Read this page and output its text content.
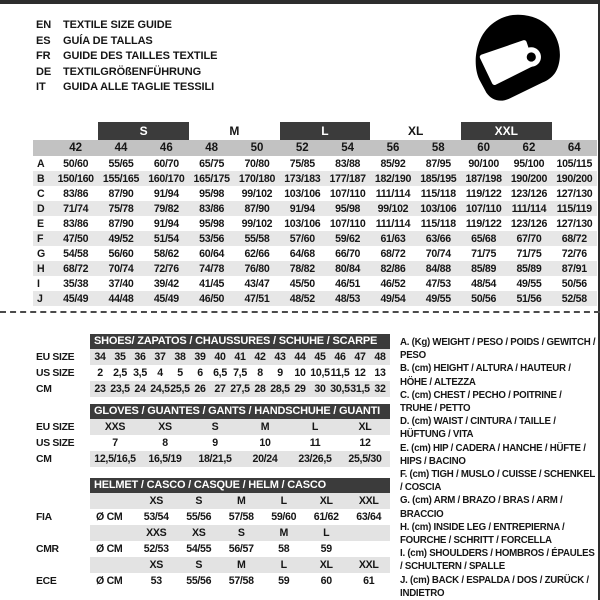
EN	TEXTILE SIZE GUIDE
ES	GUÍA DE TALLAS
FR	GUIDE DES TAILLES TEXTILE
DE	TEXTILGRÖßENFÜHRUNG
IT	GUIDA ALLE TAGLIE TESSILI
		S		M		L		XL		XXL		
	42	44	46	48	50	52	54	56	58	60	62	64
A	50/60	55/65	60/70	65/75	70/80	75/85	83/88	85/92	87/95	90/100	95/100	105/115
B	150/160	155/165	160/170	165/175	170/180	173/183	177/187	182/190	185/195	187/198	190/200	190/200
C	83/86	87/90	91/94	95/98	99/102	103/106	107/110	111/114	115/118	119/122	123/126	127/130
D	71/74	75/78	79/82	83/86	87/90	91/94	95/98	99/102	103/106	107/110	111/114	115/119
E	83/86	87/90	91/94	95/98	99/102	103/106	107/110	111/114	115/118	119/122	123/126	127/130
F	47/50	49/52	51/54	53/56	55/58	57/60	59/62	61/63	63/66	65/68	67/70	68/72
G	54/58	56/60	58/62	60/64	62/66	64/68	66/70	68/72	70/74	71/75	71/75	72/76
H	68/72	70/74	72/76	74/78	76/80	78/82	80/84	82/86	84/88	85/89	85/89	87/91
I	35/38	37/40	39/42	41/45	43/47	45/50	46/51	46/52	47/53	48/54	49/55	50/56
J	45/49	44/48	45/49	46/50	47/51	48/52	48/53	49/54	49/55	50/56	51/56	52/58
SHOES/ ZAPATOS / CHAUSSURES / SCHUHE / SCARPE
EU SIZE	34	35	36	37	38	39	40	41	42	43	44	45	46	47	48
US SIZE	2	2,5	3,5	4	5	6	6,5	7,5	8	9	10	10,5	11,5	12	13
CM	23	23,5	24	24,5	25,5	26	27	27,5	28	28,5	29	30	30,5	31,5	32
GLOVES / GUANTES / GANTS / HANDSCHUHE / GUANTI
EU SIZE	XXS	XS	S	M	L	XL
US SIZE	7	8	9	10	11	12
CM	12,5/16,5	16,5/19	18/21,5	20/24	23/26,5	25,5/30
HELMET / CASCO / CASQUE / HELM / CASCO
		XS	S	M	L	XL	XXL
FIA	Ø CM	53/54	55/56	57/58	59/60	61/62	63/64
		XXS	XS	S	M	L	
CMR	Ø CM	52/53	54/55	56/57	58	59	
		XS	S	M	L	XL	XXL
ECE	Ø CM	53	55/56	57/58	59	60	61
A. (Kg) WEIGHT / PESO / POIDS / GEWITCH / PESO
B. (cm) HEIGHT / ALTURA / HAUTEUR / HÖHE / ALTEZZA
C. (cm) CHEST / PECHO / POITRINE / TRUHE / PETTO
D. (cm) WAIST / CINTURA / TAILLE / HÜFTUNG / VITA
E. (cm) HIP / CADERA / HANCHE / HÜFTE / HIPS / BACINO
F. (cm) TIGH / MUSLO / CUISSE / SCHENKEL / COSCIA
G. (cm) ARM / BRAZO / BRAS / ARM / BRACCIO
H. (cm) INSIDE LEG / ENTREPIERNA / FOURCHE / SCHRITT / FORCELLA
I. (cm) SHOULDERS / HOMBROS / ÉPAULES / SCHULTERN / SPALLE
J. (cm) BACK / ESPALDA / DOS / ZURÜCK / INDIETRO
